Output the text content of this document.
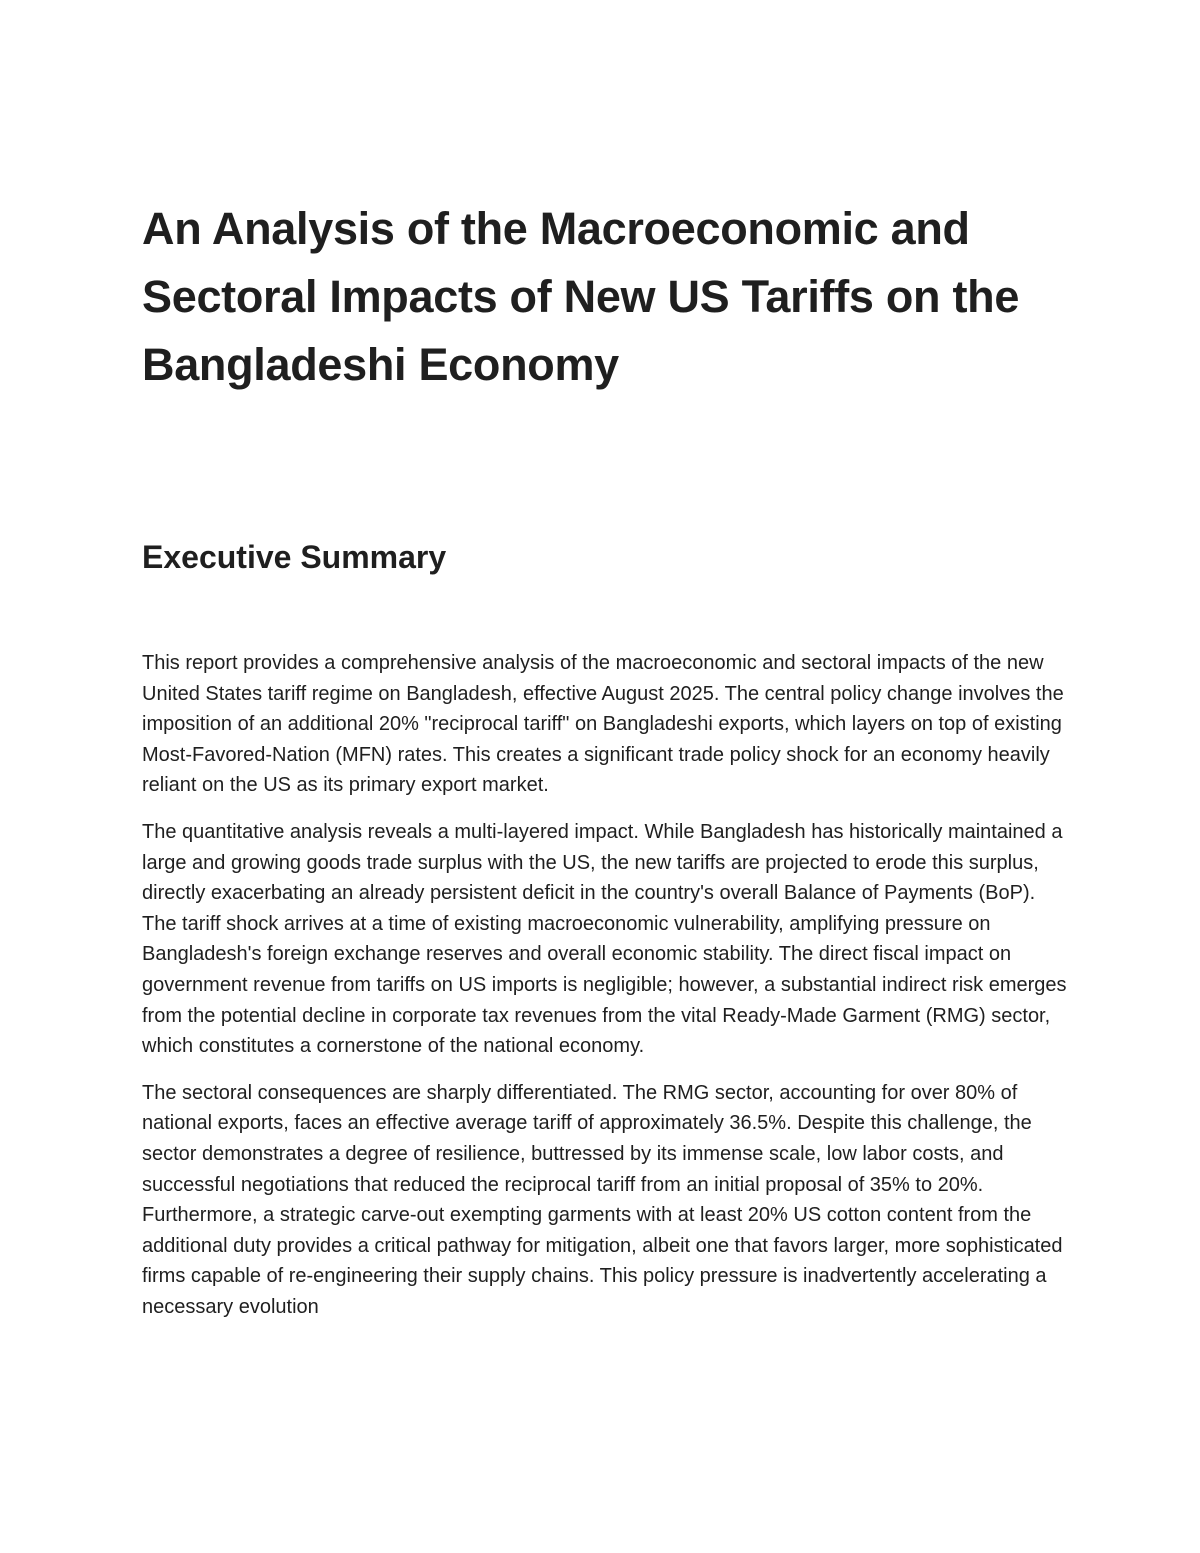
An Analysis of the Macroeconomic and Sectoral Impacts of New US Tariffs on the Bangladeshi Economy
Executive Summary

This report provides a comprehensive analysis of the macroeconomic and sectoral impacts of the new United States tariff regime on Bangladesh, effective August 2025. The central policy change involves the imposition of an additional 20% "reciprocal tariff" on Bangladeshi exports, which layers on top of existing Most-Favored-Nation (MFN) rates. This creates a significant trade policy shock for an economy heavily reliant on the US as its primary export market.

The quantitative analysis reveals a multi-layered impact. While Bangladesh has historically maintained a large and growing goods trade surplus with the US, the new tariffs are projected to erode this surplus, directly exacerbating an already persistent deficit in the country's overall Balance of Payments (BoP). The tariff shock arrives at a time of existing macroeconomic vulnerability, amplifying pressure on Bangladesh's foreign exchange reserves and overall economic stability. The direct fiscal impact on government revenue from tariffs on US imports is negligible; however, a substantial indirect risk emerges from the potential decline in corporate tax revenues from the vital Ready-Made Garment (RMG) sector, which constitutes a cornerstone of the national economy.

The sectoral consequences are sharply differentiated. The RMG sector, accounting for over 80% of national exports, faces an effective average tariff of approximately 36.5%. Despite this challenge, the sector demonstrates a degree of resilience, buttressed by its immense scale, low labor costs, and successful negotiations that reduced the reciprocal tariff from an initial proposal of 35% to 20%. Furthermore, a strategic carve-out exempting garments with at least 20% US cotton content from the additional duty provides a critical pathway for mitigation, albeit one that favors larger, more sophisticated firms capable of re-engineering their supply chains. This policy pressure is inadvertently accelerating a necessary evolution
